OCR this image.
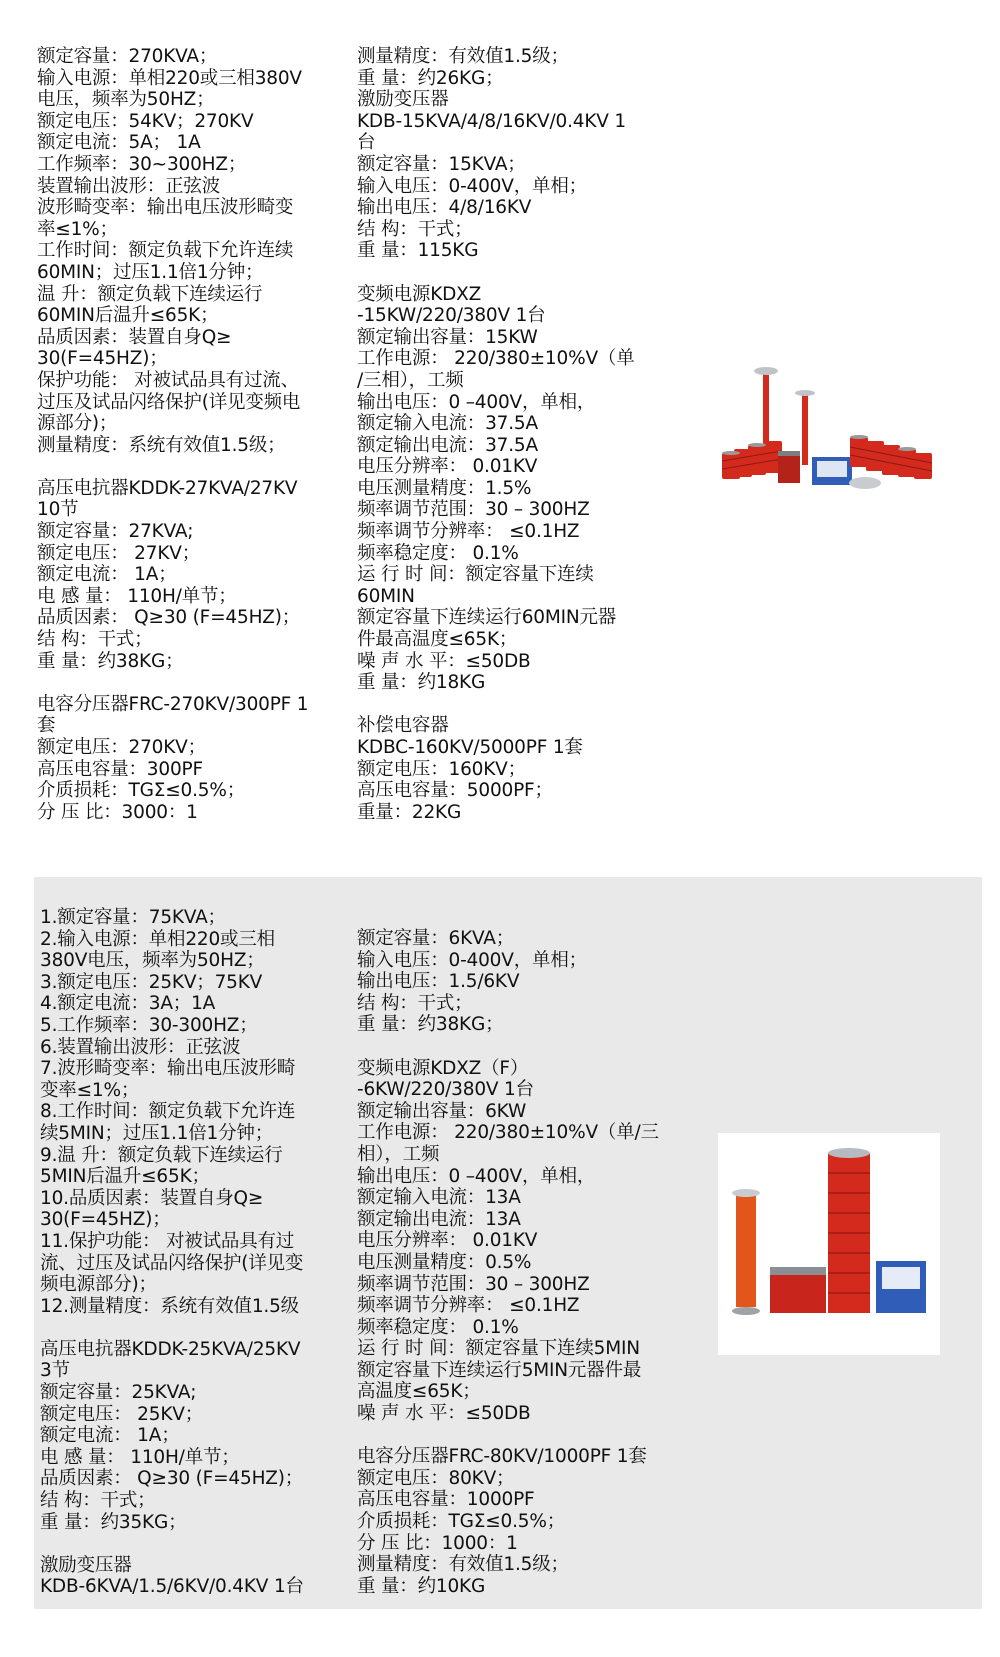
额定容量：270KVA；
输入电源：单相220或三相380V
电压，频率为50HZ；
额定电压：54KV；270KV
额定电流：5A； 1A
工作频率：30~300HZ；
装置输出波形：正弦波
波形畸变率：输出电压波形畸变
率≤1%；
工作时间：额定负载下允许连续
60MIN；过压1.1倍1分钟；
温 升：额定负载下连续运行
60MIN后温升≤65K；
品质因素：装置自身Q≥
30(F=45HZ)；
保护功能： 对被试品具有过流、
过压及试品闪络保护(详见变频电
源部分)；
测量精度：系统有效值1.5级；
高压电抗器KDDK-27KVA/27KV
10节
额定容量：27KVA;
额定电压： 27KV；
额定电流： 1A；
电 感 量： 110H/单节；
品质因素： Q≥30 (F=45HZ)；
结 构：干式；
重 量：约38KG；
电容分压器FRC-270KV/300PF 1
套
额定电压：270KV；
高压电容量：300PF
介质损耗：TGΣ≤0.5%；
分 压 比：3000：1
测量精度：有效值1.5级；
重 量：约26KG；
激励变压器
KDB-15KVA/4/8/16KV/0.4KV 1
台
额定容量：15KVA；
输入电压：0-400V，单相；
输出电压：4/8/16KV
结 构：干式；
重 量：115KG
变频电源KDXZ
-15KW/220/380V 1台
额定输出容量：15KW
工作电源： 220/380±10%V（单
/三相），工频
输出电压：0 –400V，单相，
额定输入电流：37.5A
额定输出电流：37.5A
电压分辨率： 0.01KV
电压测量精度：1.5%
频率调节范围：30 – 300HZ
频率调节分辨率： ≤0.1HZ
频率稳定度： 0.1%
运 行 时 间：额定容量下连续
60MIN
额定容量下连续运行60MIN元器
件最高温度≤65K；
噪 声 水 平：≤50DB
重 量：约18KG
补偿电容器
KDBC-160KV/5000PF 1套
额定电压：160KV；
高压电容量：5000PF；
重量：22KG
1.额定容量：75KVA；
2.输入电源：单相220或三相
380V电压，频率为50HZ；
3.额定电压：25KV；75KV
4.额定电流：3A；1A
5.工作频率：30-300HZ；
6.装置输出波形：正弦波
7.波形畸变率：输出电压波形畸
变率≤1%；
8.工作时间：额定负载下允许连
续5MIN；过压1.1倍1分钟；
9.温 升：额定负载下连续运行
5MIN后温升≤65K；
10.品质因素：装置自身Q≥
30(F=45HZ)；
11.保护功能： 对被试品具有过
流、过压及试品闪络保护(详见变
频电源部分)；
12.测量精度：系统有效值1.5级
高压电抗器KDDK-25KVA/25KV
3节
额定容量：25KVA;
额定电压： 25KV；
额定电流： 1A；
电 感 量： 110H/单节；
品质因素： Q≥30 (F=45HZ)；
结 构：干式；
重 量：约35KG；
激励变压器
KDB-6KVA/1.5/6KV/0.4KV 1台
额定容量：6KVA；
输入电压：0-400V，单相；
输出电压：1.5/6KV
结 构：干式；
重 量：约38KG；
变频电源KDXZ（F）
-6KW/220/380V 1台
额定输出容量：6KW
工作电源： 220/380±10%V（单/三
相），工频
输出电压：0 –400V，单相，
额定输入电流：13A
额定输出电流：13A
电压分辨率： 0.01KV
电压测量精度：0.5%
频率调节范围：30 – 300HZ
频率调节分辨率： ≤0.1HZ
频率稳定度： 0.1%
运 行 时 间：额定容量下连续5MIN
额定容量下连续运行5MIN元器件最
高温度≤65K；
噪 声 水 平：≤50DB
电容分压器FRC-80KV/1000PF 1套
额定电压：80KV；
高压电容量：1000PF
介质损耗：TGΣ≤0.5%；
分 压 比：1000：1
测量精度：有效值1.5级；
重 量：约10KG
